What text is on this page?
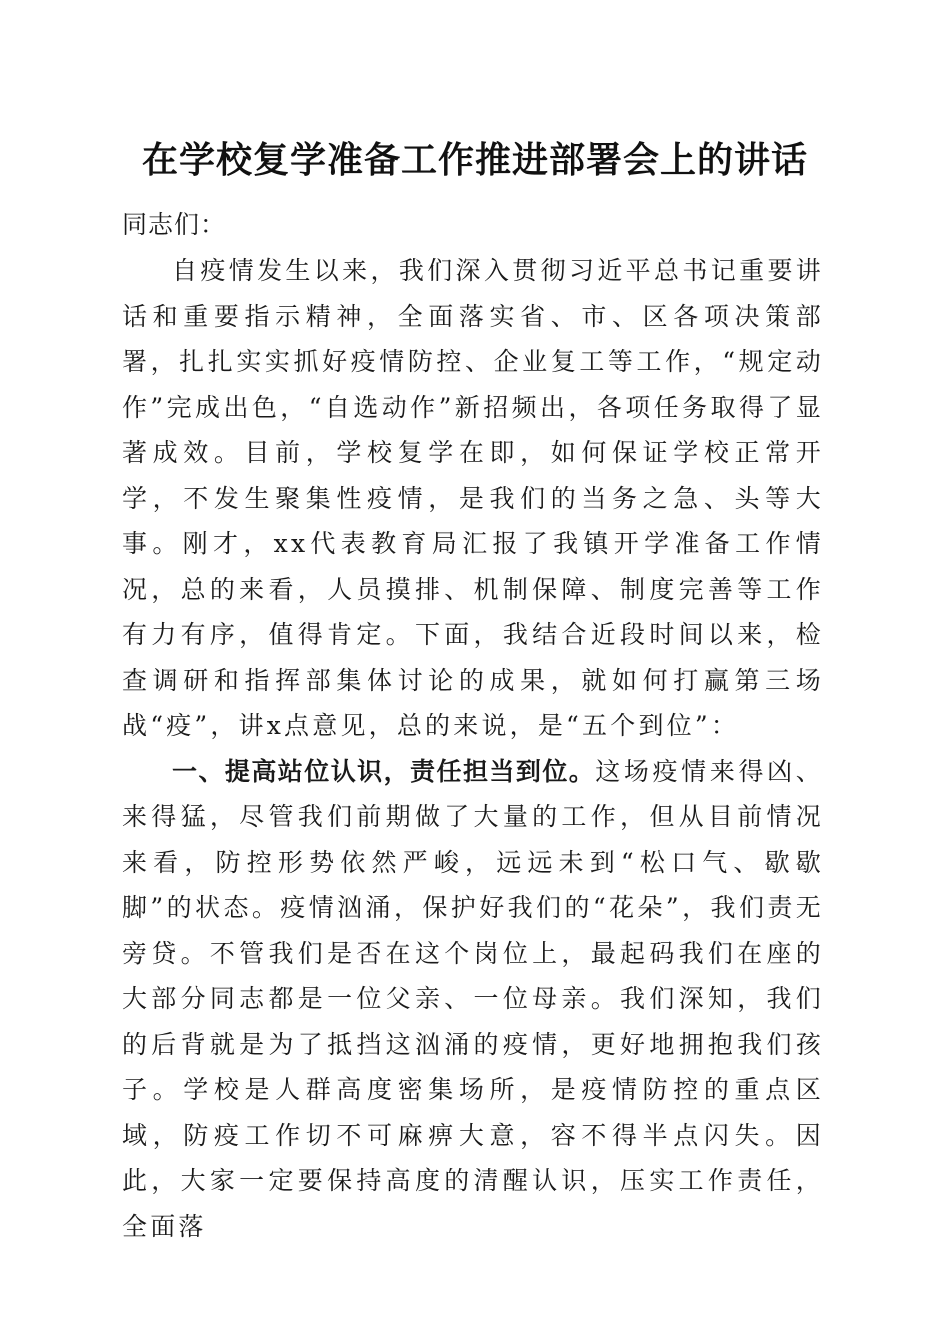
在学校复学准备工作推进部署会上的讲话
同志们：

自疫情发生以来，我们深入贯彻习近平总书记重要讲话和重要指示精神，全面落实省、市、区各项决策部署，扎扎实实抓好疫情防控、企业复工等工作，“规定动作”完成出色，“自选动作”新招频出，各项任务取得了显著成效。目前，学校复学在即，如何保证学校正常开学，不发生聚集性疫情，是我们的当务之急、头等大事。刚才，xx代表教育局汇报了我镇开学准备工作情况，总的来看，人员摸排、机制保障、制度完善等工作有力有序，值得肯定。下面，我结合近段时间以来，检查调研和指挥部集体讨论的成果，就如何打赢第三场战“疫”，讲x点意见，总的来说，是“五个到位”：

一、提高站位认识，责任担当到位。这场疫情来得凶、来得猛，尽管我们前期做了大量的工作，但从目前情况来看，防控形势依然严峻，远远未到“松口气、歇歇脚”的状态。疫情汹涌，保护好我们的“花朵”，我们责无旁贷。不管我们是否在这个岗位上，最起码我们在座的大部分同志都是一位父亲、一位母亲。我们深知，我们的后背就是为了抵挡这汹涌的疫情，更好地拥抱我们孩子。学校是人群高度密集场所，是疫情防控的重点区域，防疫工作切不可麻痹大意，容不得半点闪失。因此，大家一定要保持高度的清醒认识，压实工作责任，全面落
